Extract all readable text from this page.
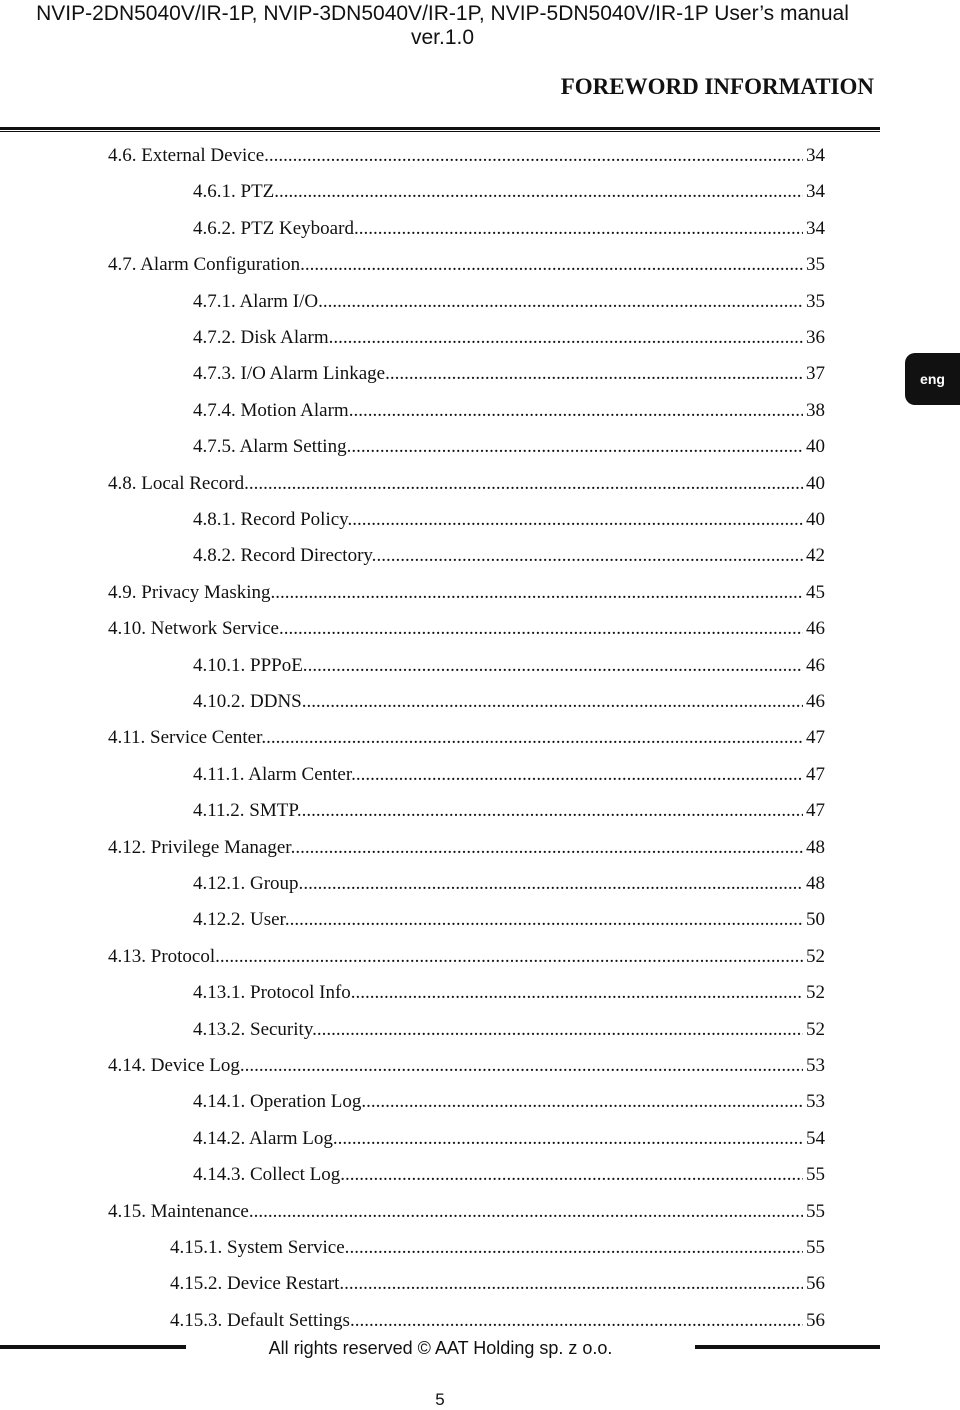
NVIP-2DN5040V/IR-1P, NVIP-3DN5040V/IR-1P, NVIP-5DN5040V/IR-1P User’s manual
ver.1.0
FOREWORD INFORMATION
eng
4.6. External Device. .....	34
4.6.1. PTZ. .....	34
4.6.2. PTZ Keyboard. .....	34
4.7. Alarm Configuration. .....	35
4.7.1. Alarm I/O. .....	35
4.7.2. Disk Alarm. .....	36
4.7.3. I/O Alarm Linkage. .....	37
4.7.4. Motion Alarm. .....	38
4.7.5. Alarm Setting. .....	40
4.8. Local Record. .....	40
4.8.1. Record Policy. .....	40
4.8.2. Record Directory. .....	42
4.9. Privacy Masking. .....	45
4.10. Network Service. .....	46
4.10.1. PPPoE. .....	46
4.10.2. DDNS. .....	46
4.11. Service Center. .....	47
4.11.1. Alarm Center. .....	47
4.11.2. SMTP. .....	47
4.12. Privilege Manager. .....	48
4.12.1. Group. .....	48
4.12.2. User. .....	50
4.13. Protocol. .....	52
4.13.1. Protocol Info. .....	52
4.13.2. Security. .....	52
4.14. Device Log. .....	53
4.14.1. Operation Log. .....	53
4.14.2. Alarm Log. .....	54
4.14.3. Collect Log. .....	55
4.15. Maintenance. .....	55
4.15.1. System Service. .....	55
4.15.2. Device Restart. .....	56
4.15.3. Default Settings. .....	56
All rights reserved © AAT Holding sp. z o.o.
5
